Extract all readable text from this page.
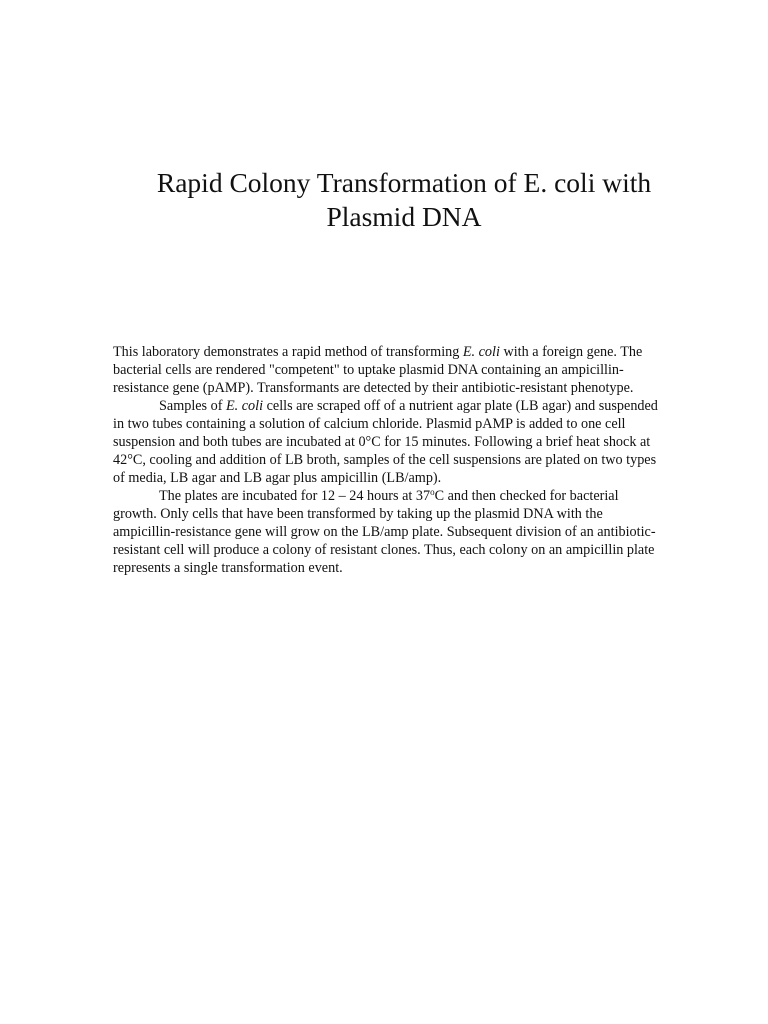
Rapid Colony Transformation of E. coli with
Plasmid DNA
This laboratory demonstrates a rapid method of transforming E. coli with a foreign gene. The
bacterial cells are rendered "competent" to uptake plasmid DNA containing an ampicillin-
resistance gene (pAMP). Transformants are detected by their antibiotic-resistant phenotype.
Samples of E. coli cells are scraped off of a nutrient agar plate (LB agar) and suspended
in two tubes containing a solution of calcium chloride. Plasmid pAMP is added to one cell
suspension and both tubes are incubated at 0°C for 15 minutes. Following a brief heat shock at
42°C, cooling and addition of LB broth, samples of the cell suspensions are plated on two types
of media, LB agar and LB agar plus ampicillin (LB/amp).
The plates are incubated for 12 – 24 hours at 37$^o$C and then checked for bacterial
growth. Only cells that have been transformed by taking up the plasmid DNA with the
ampicillin-resistance gene will grow on the LB/amp plate. Subsequent division of an antibiotic-
resistant cell will produce a colony of resistant clones. Thus, each colony on an ampicillin plate
represents a single transformation event.
